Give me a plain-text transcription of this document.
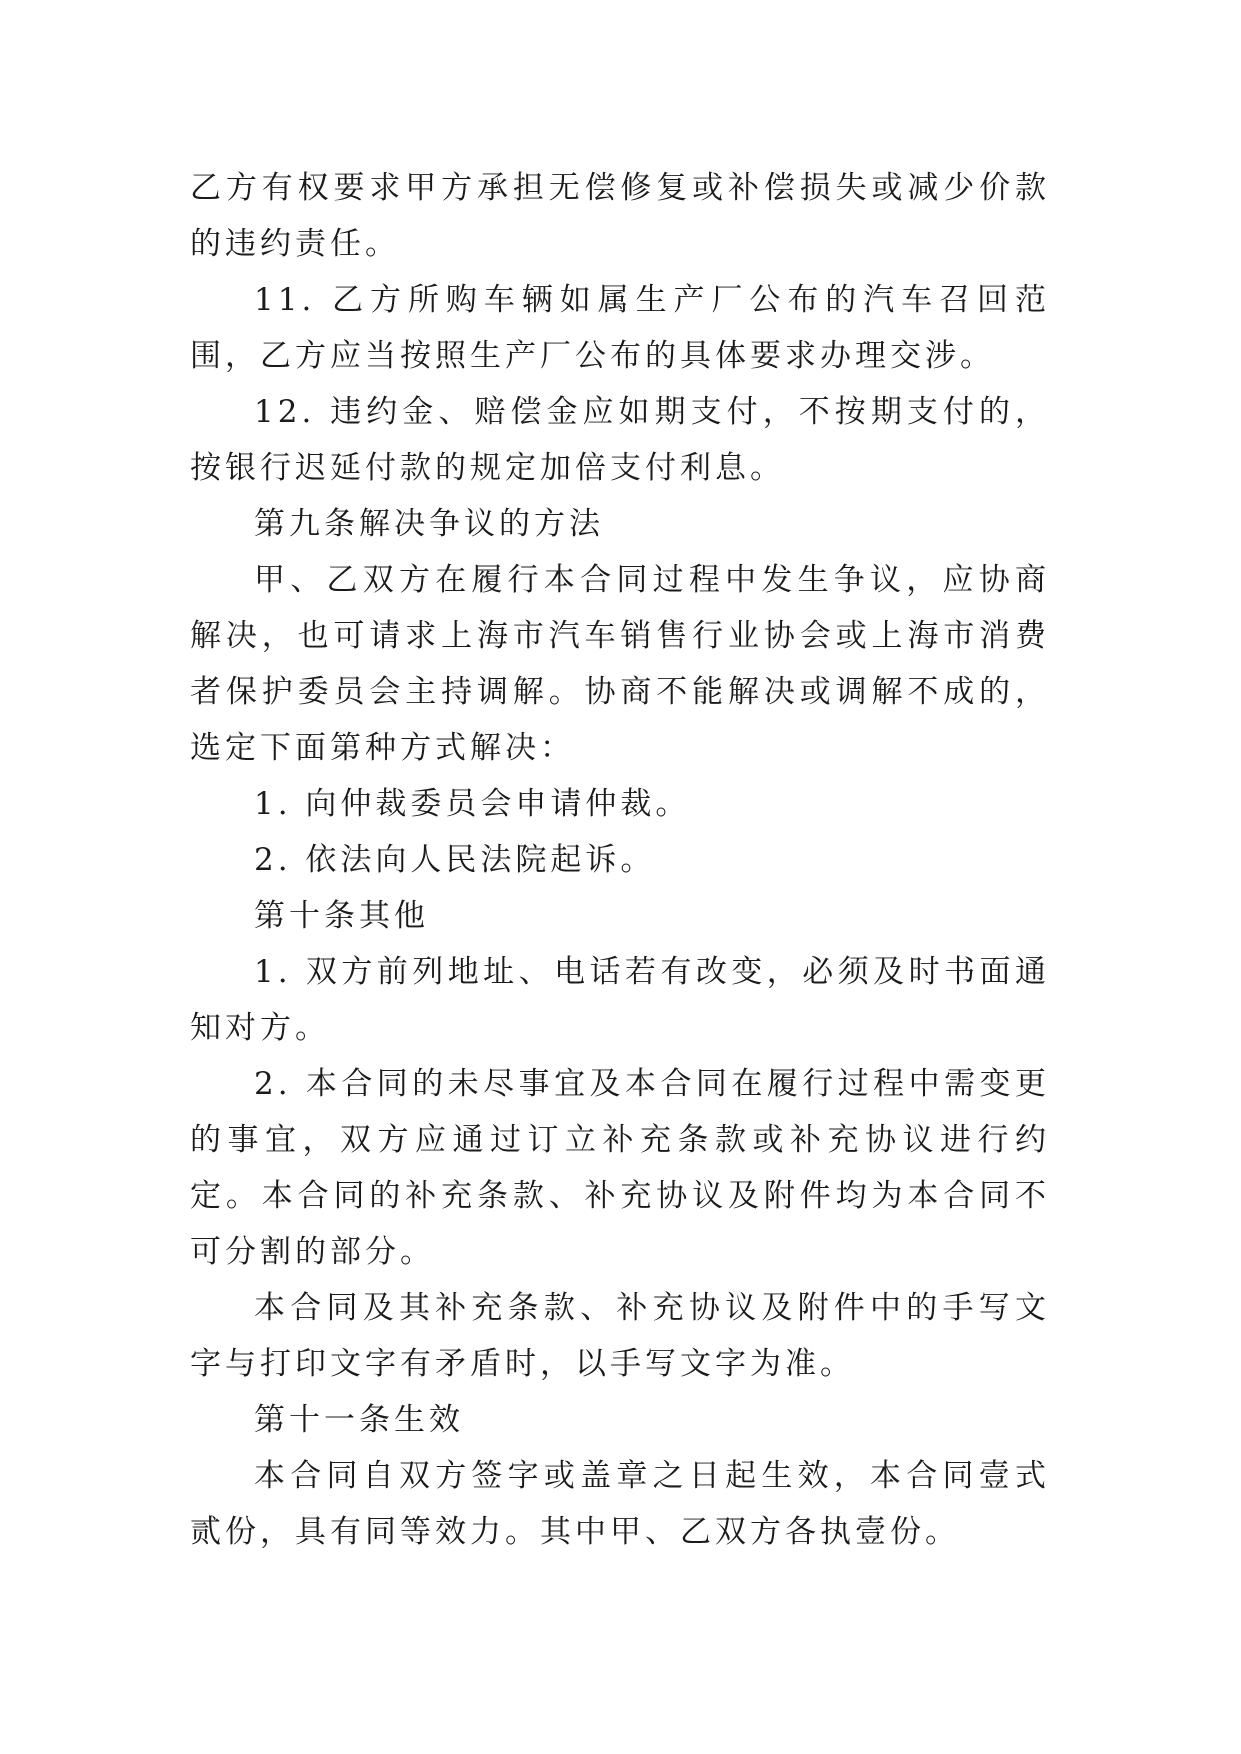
乙方有权要求甲方承担无偿修复或补偿损失或减少价款的违约责任。

11. 乙方所购车辆如属生产厂公布的汽车召回范围，乙方应当按照生产厂公布的具体要求办理交涉。

12. 违约金、赔偿金应如期支付，不按期支付的，按银行迟延付款的规定加倍支付利息。

第九条解决争议的方法

甲、乙双方在履行本合同过程中发生争议，应协商解决，也可请求上海市汽车销售行业协会或上海市消费者保护委员会主持调解。协商不能解决或调解不成的，选定下面第种方式解决：

1. 向仲裁委员会申请仲裁。

2. 依法向人民法院起诉。

第十条其他

1. 双方前列地址、电话若有改变，必须及时书面通知对方。

2. 本合同的未尽事宜及本合同在履行过程中需变更的事宜，双方应通过订立补充条款或补充协议进行约定。本合同的补充条款、补充协议及附件均为本合同不可分割的部分。

本合同及其补充条款、补充协议及附件中的手写文字与打印文字有矛盾时，以手写文字为准。

第十一条生效

本合同自双方签字或盖章之日起生效，本合同壹式贰份，具有同等效力。其中甲、乙双方各执壹份。
